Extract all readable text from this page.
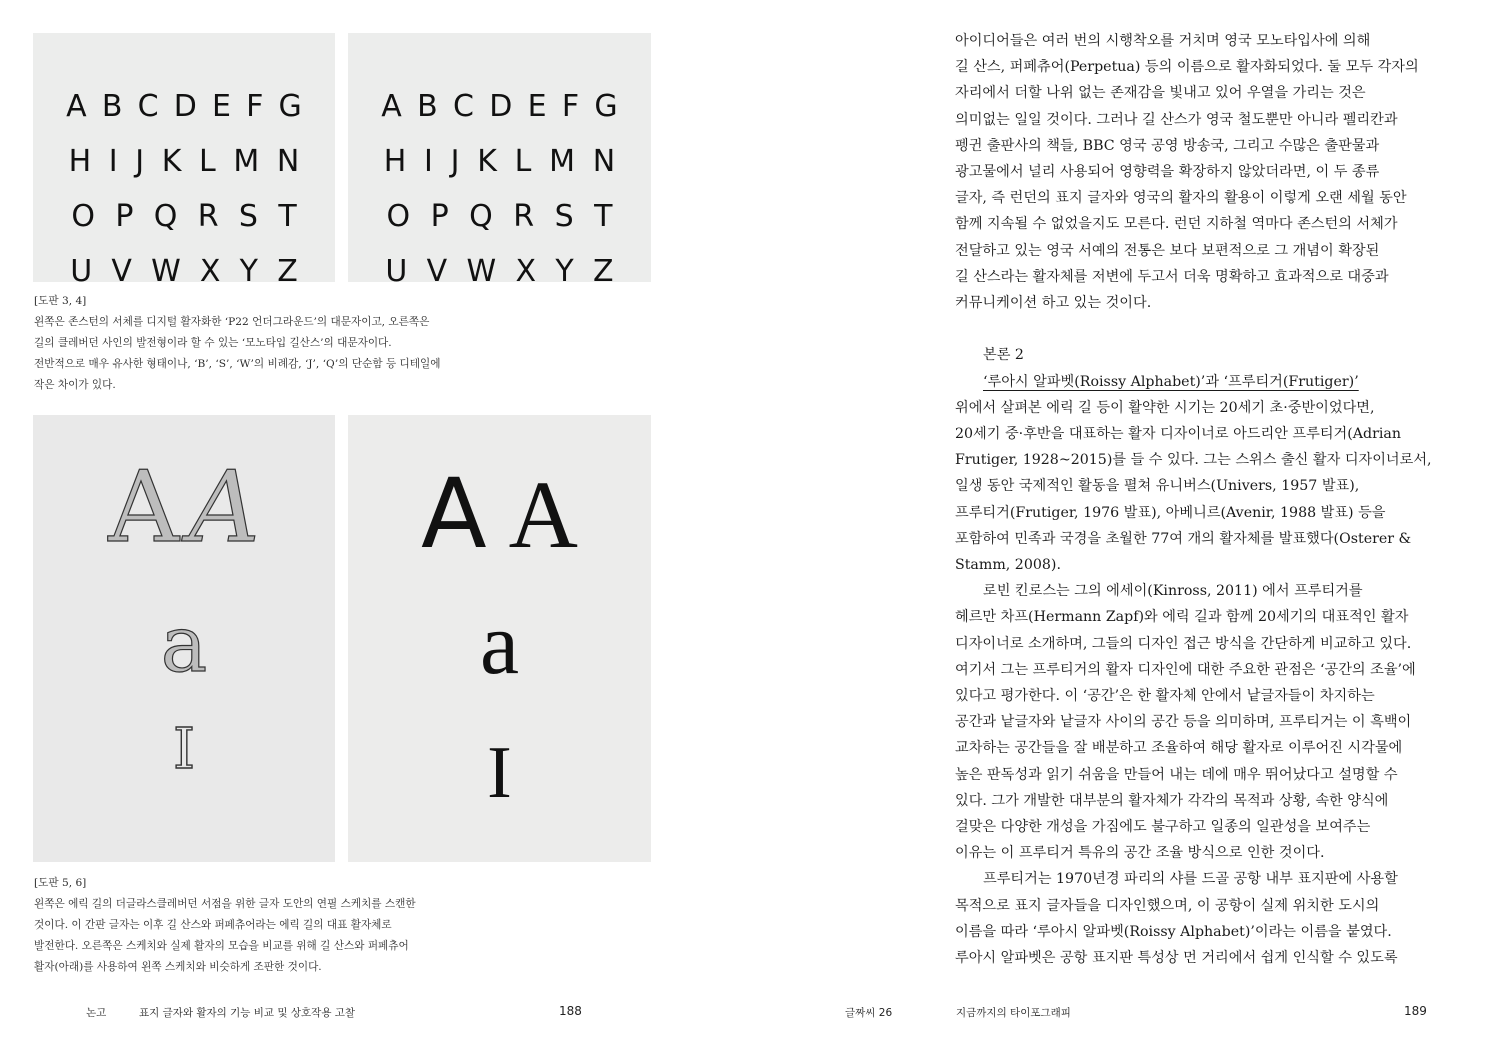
A B C D E F G
H I J K L M N
O P Q R S T
U V W X Y Z
A B C D E F G
H I J K L M N
O P Q R S T
U V W X Y Z
[도판 3, 4]
왼쪽은 존스턴의 서체를 디지털 활자화한 ‘P22 언더그라운드’의 대문자이고, 오른쪽은
길의 클레버던 사인의 발전형이라 할 수 있는 ‘모노타입 길산스’의 대문자이다.
전반적으로 매우 유사한 형태이나, ‘B’, ‘S’, ‘W’의 비례감, ‘J’, ‘Q’의 단순함 등 디테일에
작은 차이가 있다.
A A
a
I
A A
a
I
[도판 5, 6]
왼쪽은 에릭 길의 더글라스클레버던 서점을 위한 글자 도안의 연필 스케치를 스캔한
것이다. 이 간판 글자는 이후 길 산스와 퍼페츄어라는 에릭 길의 대표 활자체로
발전한다. 오른쪽은 스케치와 실제 활자의 모습을 비교를 위해 길 산스와 퍼페츄어
활자(아래)를 사용하여 왼쪽 스케치와 비슷하게 조판한 것이다.
아이디어들은 여러 번의 시행착오를 거치며 영국 모노타입사에 의해
길 산스, 퍼페츄어(Perpetua) 등의 이름으로 활자화되었다. 둘 모두 각자의
자리에서 더할 나위 없는 존재감을 빛내고 있어 우열을 가리는 것은
의미없는 일일 것이다. 그러나 길 산스가 영국 철도뿐만 아니라 펠리칸과
펭귄 출판사의 책들, BBC 영국 공영 방송국, 그리고 수많은 출판물과
광고물에서 널리 사용되어 영향력을 확장하지 않았더라면, 이 두 종류
글자, 즉 런던의 표지 글자와 영국의 활자의 활용이 이렇게 오랜 세월 동안
함께 지속될 수 없었을지도 모른다. 런던 지하철 역마다 존스턴의 서체가
전달하고 있는 영국 서예의 전통은 보다 보편적으로 그 개념이 확장된
길 산스라는 활자체를 저변에 두고서 더욱 명확하고 효과적으로 대중과
커뮤니케이션 하고 있는 것이다.
본론 2
‘루아시 알파벳(Roissy Alphabet)’과 ‘프루티거(Frutiger)’
위에서 살펴본 에릭 길 등이 활약한 시기는 20세기 초·중반이었다면,
20세기 중·후반을 대표하는 활자 디자이너로 아드리안 프루티거(Adrian
Frutiger, 1928~2015)를 들 수 있다. 그는 스위스 출신 활자 디자이너로서,
일생 동안 국제적인 활동을 펼쳐 유니버스(Univers, 1957 발표),
프루티거(Frutiger, 1976 발표), 아베니르(Avenir, 1988 발표) 등을
포함하여 민족과 국경을 초월한 77여 개의 활자체를 발표했다(Osterer &
Stamm, 2008).
로빈 킨로스는 그의 에세이(Kinross, 2011) 에서 프루티거를
헤르만 차프(Hermann Zapf)와 에릭 길과 함께 20세기의 대표적인 활자
디자이너로 소개하며, 그들의 디자인 접근 방식을 간단하게 비교하고 있다.
여기서 그는 프루티거의 활자 디자인에 대한 주요한 관점은 ‘공간의 조율’에
있다고 평가한다. 이 ‘공간’은 한 활자체 안에서 낱글자들이 차지하는
공간과 낱글자와 낱글자 사이의 공간 등을 의미하며, 프루티거는 이 흑백이
교차하는 공간들을 잘 배분하고 조율하여 해당 활자로 이루어진 시각물에
높은 판독성과 읽기 쉬움을 만들어 내는 데에 매우 뛰어났다고 설명할 수
있다. 그가 개발한 대부분의 활자체가 각각의 목적과 상황, 속한 양식에
걸맞은 다양한 개성을 가짐에도 불구하고 일종의 일관성을 보여주는
이유는 이 프루티거 특유의 공간 조율 방식으로 인한 것이다.
프루티거는 1970년경 파리의 샤를 드골 공항 내부 표지판에 사용할
목적으로 표지 글자들을 디자인했으며, 이 공항이 실제 위치한 도시의
이름을 따라 ‘루아시 알파벳(Roissy Alphabet)’이라는 이름을 붙였다.
루아시 알파벳은 공항 표지판 특성상 먼 거리에서 쉽게 인식할 수 있도록
논고	표지 글자와 활자의 기능 비교 및 상호작용 고찰	188	글짜씨 26	지금까지의 타이포그래피	189
